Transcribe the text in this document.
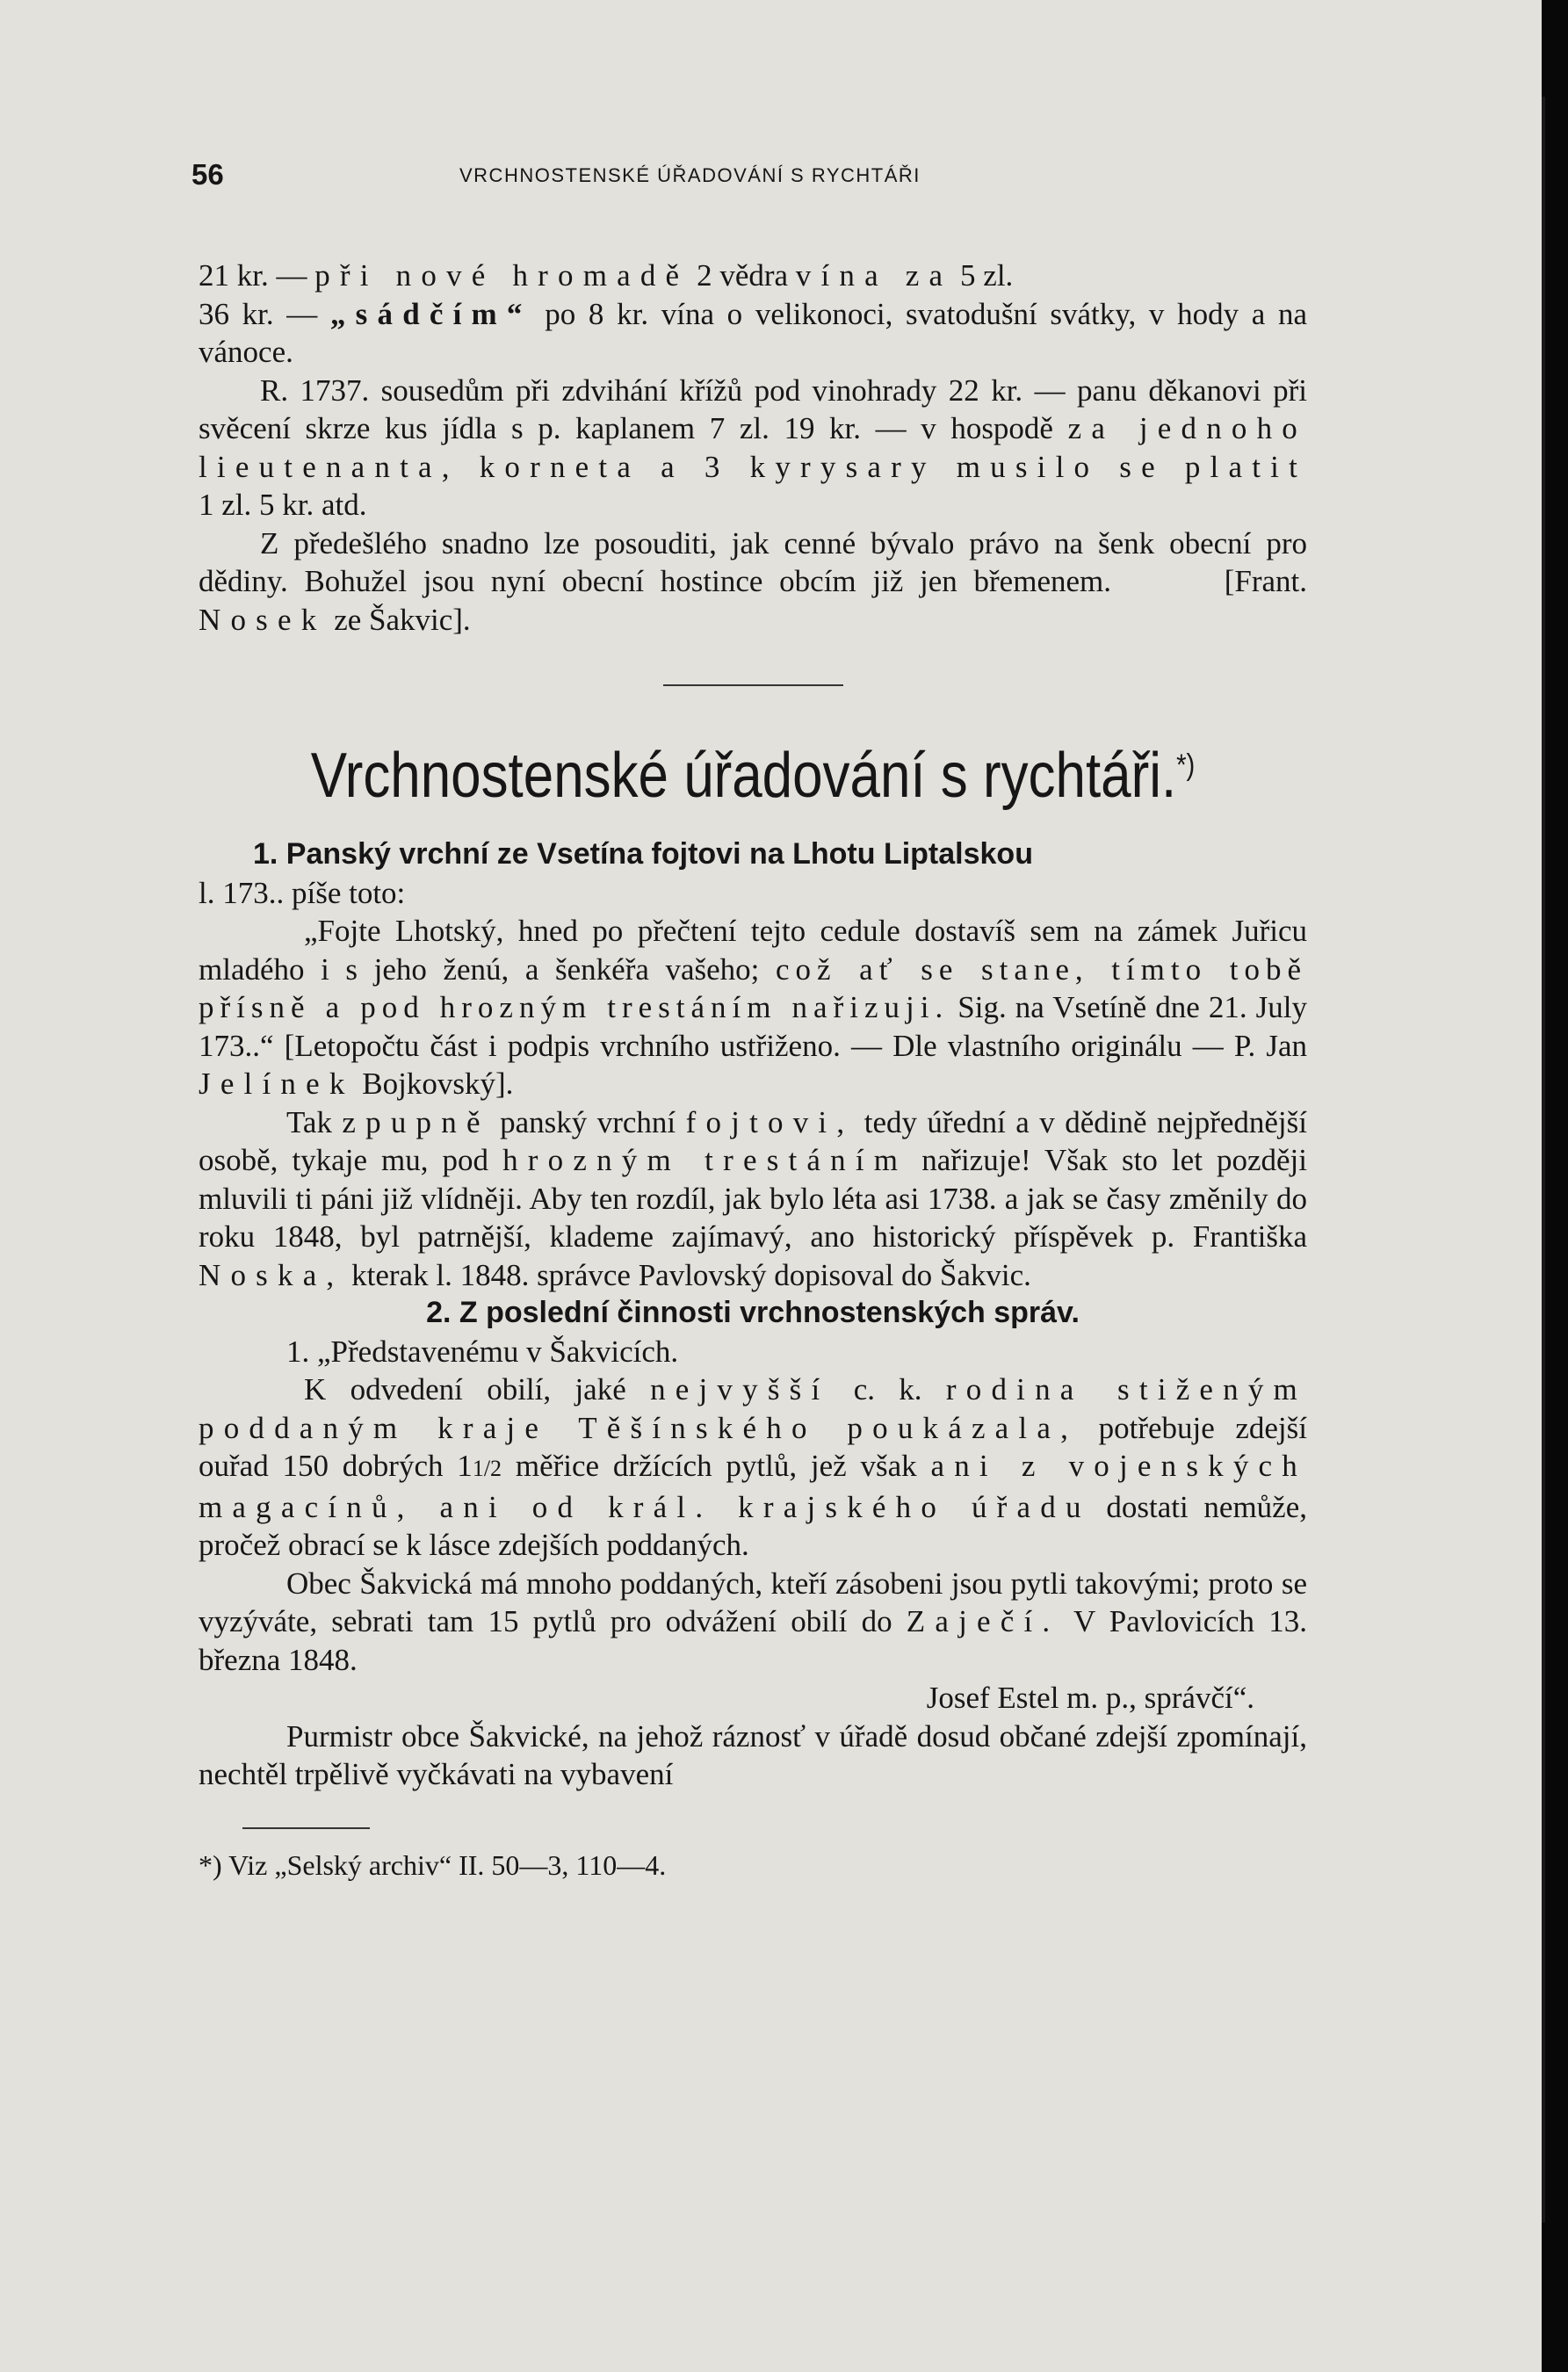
56	VRCHNOSTENSKÉ ÚŘADOVÁNÍ S RYCHTÁŘI

21 kr. — při nové hromadě 2 vědra vína za 5 zl.
36 kr. — „sádčím“ po 8 kr. vína o velikonoci, svatodušní svátky, v hody a na vánoce.

R. 1737. sousedům při zdvihání křížů pod vinohrady 22 kr. — panu děkanovi při svěcení skrze kus jídla s p. kaplanem 7 zl. 19 kr. — v hospodě za jednoho lieutenanta, korneta a 3 kyrysary musilo se platit 1 zl. 5 kr. atd.

Z předešlého snadno lze posouditi, jak cenné bývalo právo na šenk obecní pro dědiny. Bohužel jsou nyní obecní hostince obcím již jen břemenem.	[Frant. Nosek ze Šakvic].

Vrchnostenské úřadování s rychtáři.*)

1. Panský vrchní ze Vsetína fojtovi na Lhotu Liptalskou

l. 173.. píše toto:

„Fojte Lhotský, hned po přečtení tejto cedule dostavíš sem na zámek Juřicu mladého i s jeho ženú, a šenkéřa vašeho; což ať se stane, tímto tobě přísně a pod hrozným trestáním nařizuji. Sig. na Vsetíně dne 21. July 173..“ [Letopočtu část i podpis vrchního ustřiženo. — Dle vlastního originálu — P. Jan Jelínek Bojkovský].

Tak zpupně panský vrchní fojtovi, tedy úřední a v dědině nejpřednější osobě, tykaje mu, pod hrozným trestáním nařizuje! Však sto let později mluvili ti páni již vlídněji. Aby ten rozdíl, jak bylo léta asi 1738. a jak se časy změnily do roku 1848, byl patrnější, klademe zajímavý, ano historický příspěvek p. Františka Noska, kterak l. 1848. správce Pavlovský dopisoval do Šakvic.

2. Z poslední činnosti vrchnostenských správ.

1. „Představenému v Šakvicích.

K odvedení obilí, jaké nejvyšší c. k. rodina stiženým poddaným kraje Těšínského poukázala, potřebuje zdejší ouřad 150 dobrých 11/2 měřice držících pytlů, jež však ani z vojenských magacínů, ani od král. krajského úřadu dostati nemůže, pročež obrací se k lásce zdejších poddaných.

Obec Šakvická má mnoho poddaných, kteří zásobeni jsou pytli takovými; proto se vyzýváte, sebrati tam 15 pytlů pro odvážení obilí do Zaječí. V Pavlovicích 13. března 1848.

Josef Estel m. p., správčí“.

Purmistr obce Šakvické, na jehož ráznosť v úřadě dosud občané zdejší zpomínají, nechtěl trpělivě vyčkávati na vybavení

*) Viz „Selský archiv“ II. 50—3, 110—4.
